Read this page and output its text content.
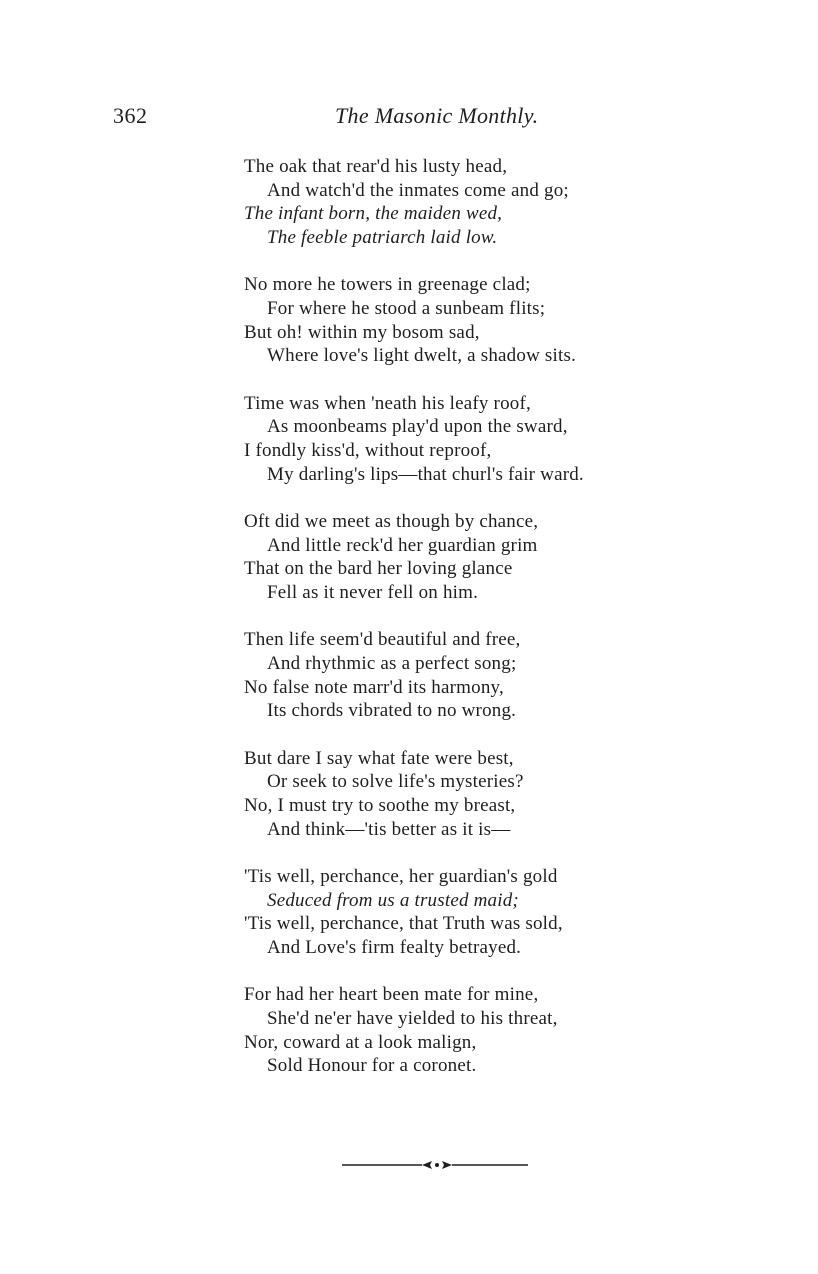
362	The Masonic Monthly.
The oak that rear'd his lusty head,
And watch'd the inmates come and go;
The infant born, the maiden wed,
The feeble patriarch laid low.
No more he towers in greenage clad;
For where he stood a sunbeam flits;
But oh! within my bosom sad,
Where love's light dwelt, a shadow sits.
Time was when 'neath his leafy roof,
As moonbeams play'd upon the sward,
I fondly kiss'd, without reproof,
My darling's lips—that churl's fair ward.
Oft did we meet as though by chance,
And little reck'd her guardian grim
That on the bard her loving glance
Fell as it never fell on him.
Then life seem'd beautiful and free,
And rhythmic as a perfect song;
No false note marr'd its harmony,
Its chords vibrated to no wrong.
But dare I say what fate were best,
Or seek to solve life's mysteries?
No, I must try to soothe my breast,
And think—'tis better as it is—
'Tis well, perchance, her guardian's gold
Seduced from us a trusted maid;
'Tis well, perchance, that Truth was sold,
And Love's firm fealty betrayed.
For had her heart been mate for mine,
She'd ne'er have yielded to his threat,
Nor, coward at a look malign,
Sold Honour for a coronet.
